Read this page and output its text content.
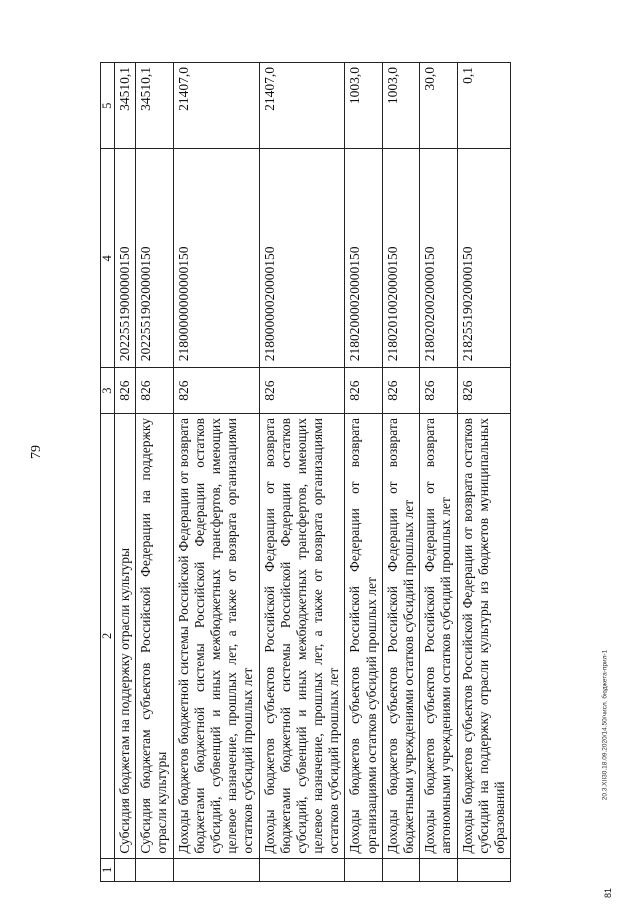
79
1	2	3	4	5
	Субсидия бюджетам на поддержку отрасли культуры	826	20225519000000150	34510,1
	Субсидия бюджетам субъектов Российской Федерации на поддержку отрасли культуры	826	20225519020000150	34510,1
	Доходы бюджетов бюджетной системы Российской Федерации от возврата бюджетами бюджетной системы Российской Федерации остатков субсидий, субвенций и иных межбюджетных трансфертов, имеющих целевое назначение, прошлых лет, а также от возврата организациями остатков субсидий прошлых лет	826	21800000000000150	21407,0
	Доходы бюджетов субъектов Российской Федерации от возврата бюджетами бюджетной системы Российской Федерации остатков субсидий, субвенций и иных межбюджетных трансфертов, имеющих целевое назначение, прошлых лет, а также от возврата организациями остатков субсидий прошлых лет	826	21800000020000150	21407,0
	Доходы бюджетов субъектов Российской Федерации от возврата организациями остатков субсидий прошлых лет	826	21802000020000150	1003,0
	Доходы бюджетов субъектов Российской Федерации от возврата бюджетными учреждениями остатков субсидий прошлых лет	826	21802010020000150	1003,0
	Доходы бюджетов субъектов Российской Федерации от возврата автономными учреждениями остатков субсидий прошлых лет	826	21802020020000150	30,0
	Доходы бюджетов субъектов Российской Федерации от возврата остатков субсидий на поддержку отрасли культуры из бюджетов муниципальных образований	826	21825519020000150	0,1
20.3.XII30.18.09.2020/14.50/числ. бюджета-прил-1
81
